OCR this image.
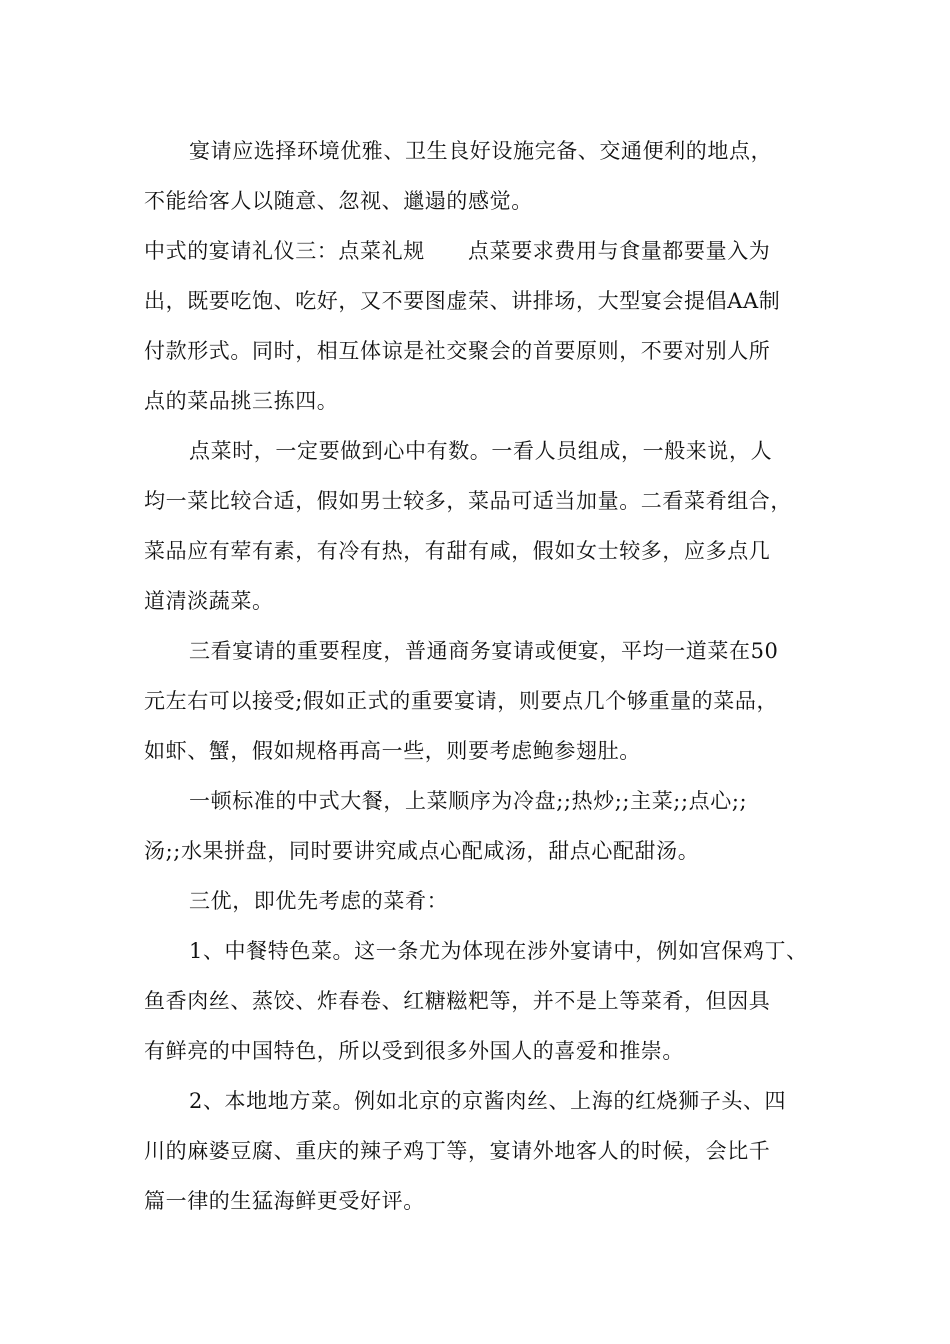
宴请应选择环境优雅、卫生良好设施完备、交通便利的地点，
不能给客人以随意、忽视、邋遢的感觉。
中式的宴请礼仪三：点菜礼规　　点菜要求费用与食量都要量入为
出，既要吃饱、吃好，又不要图虚荣、讲排场，大型宴会提倡AA制
付款形式。同时，相互体谅是社交聚会的首要原则，不要对别人所
点的菜品挑三拣四。
点菜时，一定要做到心中有数。一看人员组成，一般来说，人
均一菜比较合适，假如男士较多，菜品可适当加量。二看菜肴组合，
菜品应有荤有素，有冷有热，有甜有咸，假如女士较多，应多点几
道清淡蔬菜。
三看宴请的重要程度，普通商务宴请或便宴，平均一道菜在50
元左右可以接受;假如正式的重要宴请，则要点几个够重量的菜品，
如虾、蟹，假如规格再高一些，则要考虑鲍参翅肚。
一顿标准的中式大餐，上菜顺序为冷盘;;热炒;;主菜;;点心;;
汤;;水果拼盘，同时要讲究咸点心配咸汤，甜点心配甜汤。
三优，即优先考虑的菜肴：
1、中餐特色菜。这一条尤为体现在涉外宴请中，例如宫保鸡丁、
鱼香肉丝、蒸饺、炸春卷、红糖糍粑等，并不是上等菜肴，但因具
有鲜亮的中国特色，所以受到很多外国人的喜爱和推崇。
2、本地地方菜。例如北京的京酱肉丝、上海的红烧狮子头、四
川的麻婆豆腐、重庆的辣子鸡丁等，宴请外地客人的时候，会比千
篇一律的生猛海鲜更受好评。
